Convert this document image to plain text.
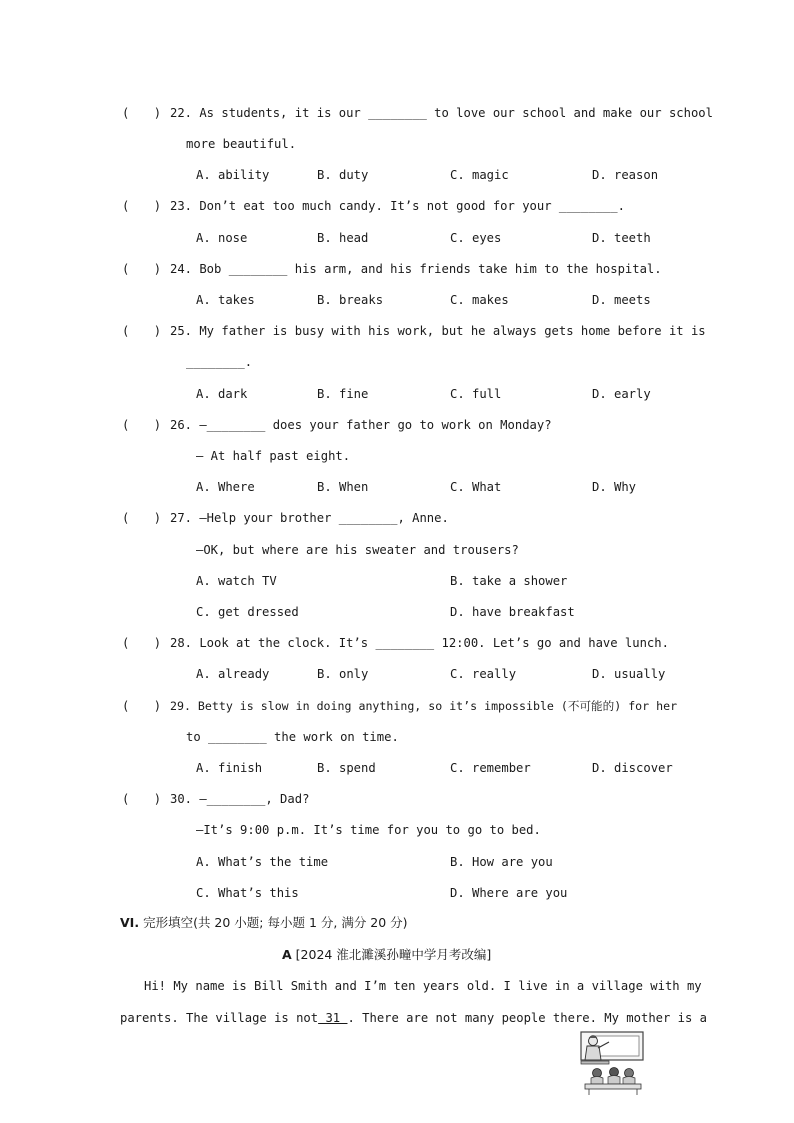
(　　) 22. As students, it is our ________ to love our school and make our school
more beautiful.
A. ability	B. duty	C. magic	D. reason
(　　) 23. Don’t eat too much candy. It’s not good for your ________.
A. nose	B. head	C. eyes	D. teeth
(　　) 24. Bob ________ his arm, and his friends take him to the hospital.
A. takes	B. breaks	C. makes	D. meets
(　　) 25. My father is busy with his work, but he always gets home before it is
________.
A. dark	B. fine	C. full	D. early
(　　) 26. —________ does your father go to work on Monday?
— At half past eight.
A. Where	B. When	C. What	D. Why
(　　) 27. —Help your brother ________, Anne.
—OK, but where are his sweater and trousers?
A. watch TV	B. take a shower
C. get dressed	D. have breakfast
(　　) 28. Look at the clock. It’s ________ 12:00. Let’s go and have lunch.
A. already	B. only	C. really	D. usually
(　　) 29. Betty is slow in doing anything, so it’s impossible (不可能的) for her
to ________ the work on time.
A. finish	B. spend	C. remember	D. discover
(　　) 30. —________, Dad?
—It’s 9:00 p.m. It’s time for you to go to bed.
A. What’s the time	B. How are you
C. What’s this	D. Where are you
VI. 完形填空(共 20 小题; 每小题 1 分, 满分 20 分)
A [2024 淮北濉溪孙疃中学月考改编]
Hi! My name is Bill Smith and I’m ten years old. I live in a village with my
parents. The village is not 31 . There are not many people there. My mother is a
